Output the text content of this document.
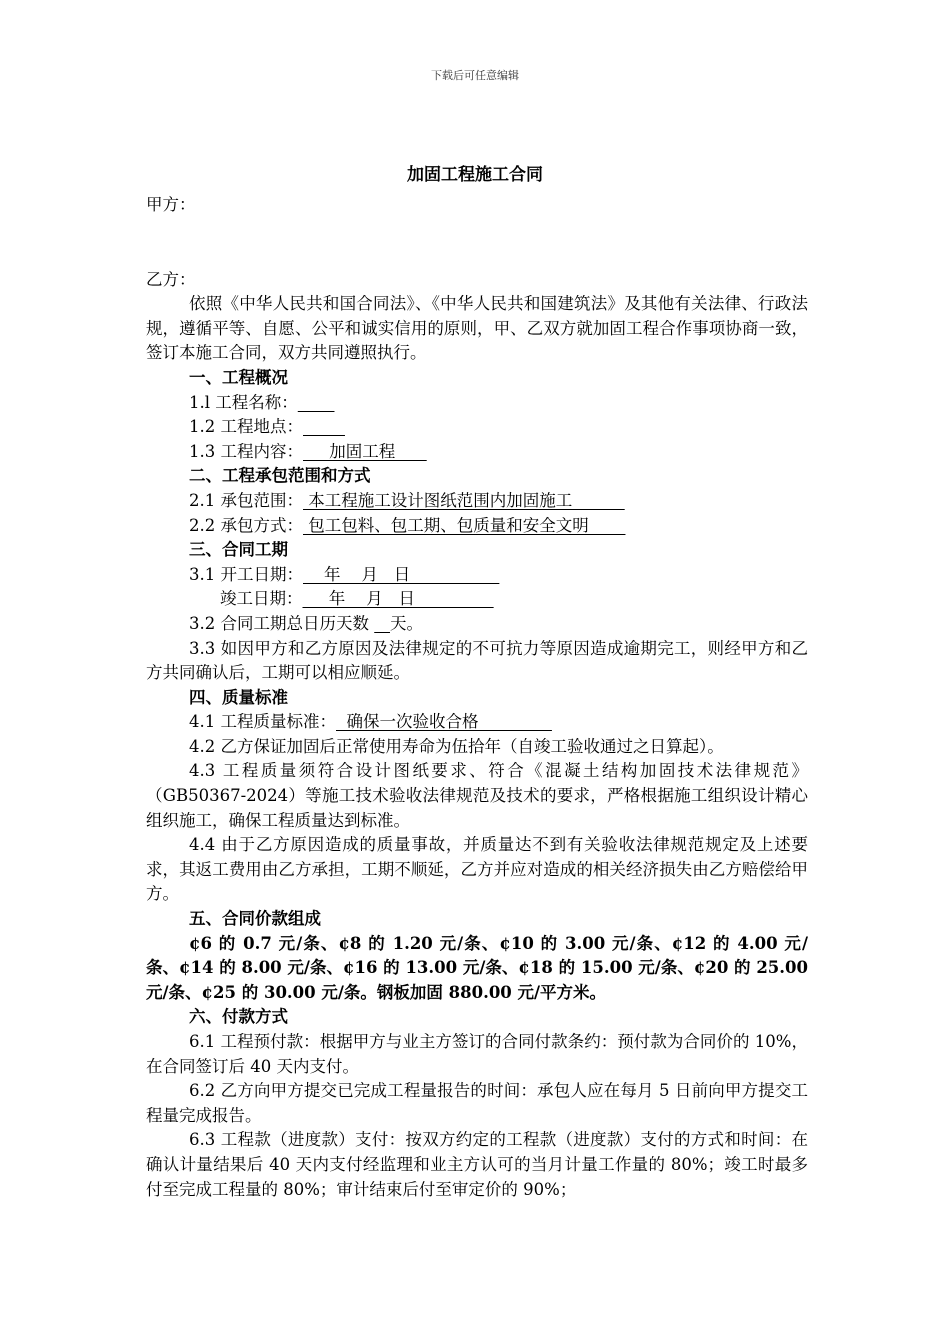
下载后可任意编辑
加固工程施工合同

甲方：

乙方：

依照《中华人民共和国合同法》、《中华人民共和国建筑法》及其他有关法律、行政法规，遵循平等、自愿、公平和诚实信用的原则，甲、乙双方就加固工程合作事项协商一致，签订本施工合同，双方共同遵照执行。

一、工程概况

1.l 工程名称：

1.2 工程地点：

1.3 工程内容：     加固工程

二、工程承包范围和方式

2.1 承包范围： 本工程施工设计图纸范围内加固施工

2.2 承包方式： 包工包料、包工期、包质量和安全文明

三、合同工期

3.1 开工日期：    年    月   日

竣工日期：     年    月   日

3.2 合同工期总日历天数    天。

3.3 如因甲方和乙方原因及法律规定的不可抗力等原因造成逾期完工，则经甲方和乙方共同确认后，工期可以相应顺延。

四、质量标准

4.1 工程质量标准：  确保一次验收合格

4.2 乙方保证加固后正常使用寿命为伍拾年（自竣工验收通过之日算起）。

4.3 工程质量须符合设计图纸要求、符合《混凝土结构加固技术法律规范》（GB50367-2024）等施工技术验收法律规范及技术的要求，严格根据施工组织设计精心组织施工，确保工程质量达到标准。

4.4 由于乙方原因造成的质量事故，并质量达不到有关验收法律规范规定及上述要求，其返工费用由乙方承担，工期不顺延，乙方并应对造成的相关经济损失由乙方赔偿给甲方。

五、合同价款组成

¢6 的 0.7 元/条、¢8 的 1.20 元/条、¢10 的 3.00 元/条、¢12 的 4.00 元/条、¢14 的 8.00 元/条、¢16 的 13.00 元/条、¢18 的 15.00 元/条、¢20 的 25.00 元/条、¢25 的 30.00 元/条。钢板加固 880.00 元/平方米。

六、付款方式

6.1 工程预付款：根据甲方与业主方签订的合同付款条约：预付款为合同价的 10%，在合同签订后 40 天内支付。

6.2 乙方向甲方提交已完成工程量报告的时间：承包人应在每月 5 日前向甲方提交工程量完成报告。

6.3 工程款（进度款）支付：按双方约定的工程款（进度款）支付的方式和时间：在确认计量结果后 40 天内支付经监理和业主方认可的当月计量工作量的 80%；竣工时最多付至完成工程量的 80%；审计结束后付至审定价的 90%；
